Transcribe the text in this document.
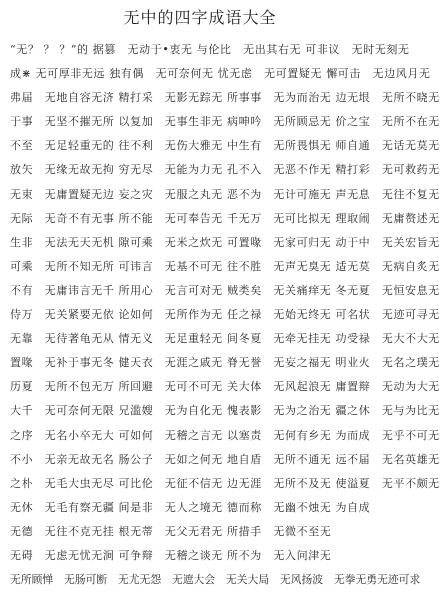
无中的四字成语大全
“无？ ？ ？”的 据篡　无动于•衷无 与伦比　无出其右无 可非议　无时无刻无
成⋇ 无可厚非无远 独有偶　无可奈何无 忧无虑　无可置疑无 懈可击　无边风月无
弗届　无地自容无济 精打采　无影无踪无 所事事　无为而治无 边无垠　无所不晓无
于事　无坚不摧无所 以复加　无事生非无 病呻吟　无所顾忌无 价之宝　无所不在无
不至　无足轻重无的 往不利　无伤大雅无 中生有　无所畏惧无 师自通　无话无莫无
放矢　无缘无故无拘 穷无尽　无能为力无 孔不入　无恶不作无 精打彩　无可救药无
无束　无庸置疑无边 妄之灾　无服之丸无 恶不为　无计可施无 声无息　无往不复无
无际　无奇不有无事 所不能　无可奉告无 千无万　无可比拟无 理取闹　无庸赘述无
生非　无法无天无机 隙可乘　无米之炊无 可置喙　无家可归无 动于中　无关宏旨无
可乘　无所不知无所 可讳言　无基不可无 往不胜　无声无臭无 适无莫　无病自炙无
不有　无庸讳言无千 所用心　无言可对无 贼类矣　无关痛痒无 冬无夏　无恒安息无
侍万　无关紧要无依 论如何　无所作为无 任之禄　无始无终无 可名状　无迹可寻无
无靠　无待著龟无从 情无义　无足重轻无 间冬夏　无牵无挂无 功受禄　无大不大无
置喙　无补于事无冬 健天衣　无涯之戚无 脊无誉　无妄之福无 明业火　无名之璞无
历夏　无所不包无万 所回避　无可不可无 关大体　无风起浪无 庸置辩　无动为大无
大千　无可奈何无限 兄滥嫂　无为自化无 愧表影　无为之治无 疆之休　无与为比无
之序　无名小卒无大 可如何　无稽之言无 以塞责　无何有乡无 为而成　无乎不可无
不小　无亲无故无名 肠公子　无如之何无 地自盾　无所不通无 远不届　无名英雄无
之朴　无毛大虫无尽 可比伦　无征不信无 边无涯　无所不及无 使溢夏　无平不颇无
无休　无毛有察无疆 间是非　无人之境无 德而称　无幽不烛无 为自成
无德　无往不克无挂 根无蒂　无父无君无 所措手　无微不至无
无碍　无虑无忧无涧 可争辩　无稽之谈无 所不为　无入问津无
无所顾惮　无肠可断　无尤无怨　无遮大会　无关大局　无风扬波　无拳无勇无迹可求
